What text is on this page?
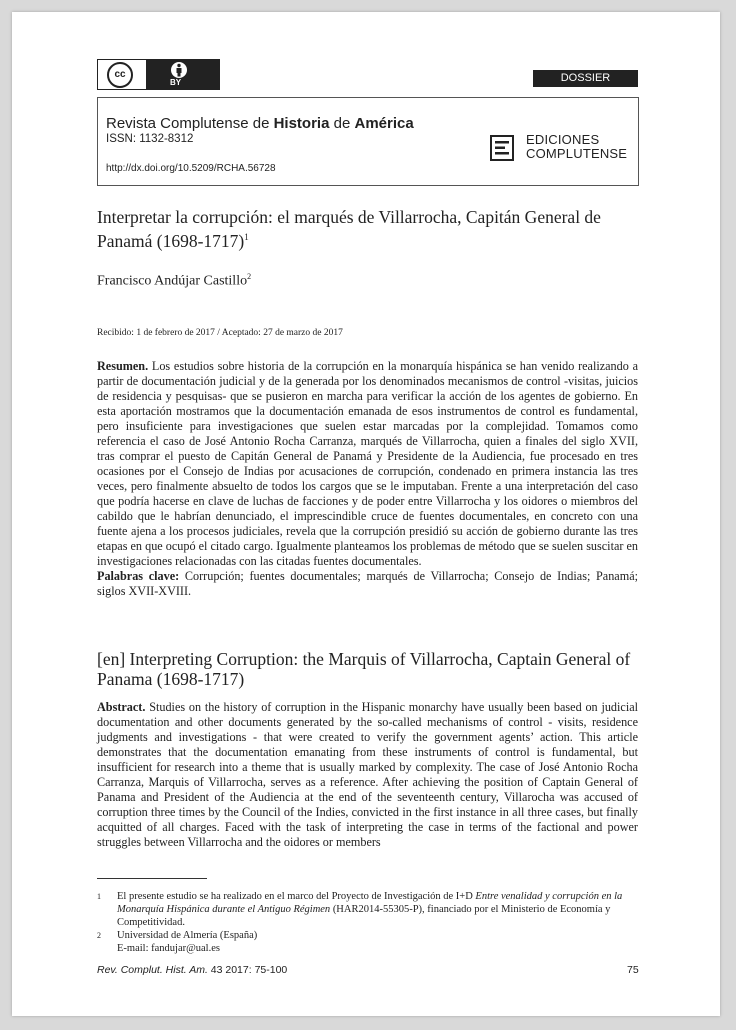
cc
BY	DOSSIER
Revista Complutense de Historia de América
ISSN: 1132-8312
http://dx.doi.org/10.5209/RCHA.56728
EDICIONES
COMPLUTENSE
Interpretar la corrupción: el marqués de Villarrocha, Capitán General de Panamá (1698-1717)$^1$
Francisco Andújar Castillo$^2$
Recibido: 1 de febrero de 2017 / Aceptado: 27 de marzo de 2017

Resumen. Los estudios sobre historia de la corrupción en la monarquía hispánica se han venido realizando a partir de documentación judicial y de la generada por los denominados mecanismos de control -visitas, juicios de residencia y pesquisas- que se pusieron en marcha para verificar la acción de los agentes de gobierno. En esta aportación mostramos que la documentación emanada de esos instrumentos de control es fundamental, pero insuficiente para investigaciones que suelen estar marcadas por la complejidad. Tomamos como referencia el caso de José Antonio Rocha Carranza, marqués de Villarrocha, quien a finales del siglo XVII, tras comprar el puesto de Capitán General de Panamá y Presidente de la Audiencia, fue procesado en tres ocasiones por el Consejo de Indias por acusaciones de corrupción, condenado en primera instancia las tres veces, pero finalmente absuelto de todos los cargos que se le imputaban. Frente a una interpretación del caso que podría hacerse en clave de luchas de facciones y de poder entre Villarrocha y los oidores o miembros del cabildo que le habrían denunciado, el imprescindible cruce de fuentes documentales, en concreto con una fuente ajena a los procesos judiciales, revela que la corrupción presidió su acción de gobierno durante las tres etapas en que ocupó el citado cargo. Igualmente planteamos los problemas de método que se suelen suscitar en investigaciones relacionadas con las citadas fuentes documentales.

Palabras clave: Corrupción; fuentes documentales; marqués de Villarrocha; Consejo de Indias; Panamá; siglos XVII-XVIII.

[en] Interpreting Corruption: the Marquis of Villarrocha, Captain General of Panama (1698-1717)

Abstract. Studies on the history of corruption in the Hispanic monarchy have usually been based on judicial documentation and other documents generated by the so-called mechanisms of control - visits, residence judgments and investigations - that were created to verify the government agents’ action. This article demonstrates that the documentation emanating from these instruments of control is fundamental, but insufficient for research into a theme that is usually marked by complexity. The case of José Antonio Rocha Carranza, Marquis of Villarrocha, serves as a reference. After achieving the position of Captain General of Panama and President of the Audiencia at the end of the seventeenth century, Villarocha was accused of corruption three times by the Council of the Indies, convicted in the first instance in all three cases, but finally acquitted of all charges. Faced with the task of interpreting the case in terms of the factional and power struggles between Villarrocha and the oidores or members

1 El presente estudio se ha realizado en el marco del Proyecto de Investigación de I+D Entre venalidad y corrupción en la Monarquía Hispánica durante el Antiguo Régimen (HAR2014-55305-P), financiado por el Ministerio de Economía y Competitividad.
2 Universidad de Almería (España)
E-mail: fandujar@ual.es
Rev. Complut. Hist. Am. 43 2017: 75-100	75
